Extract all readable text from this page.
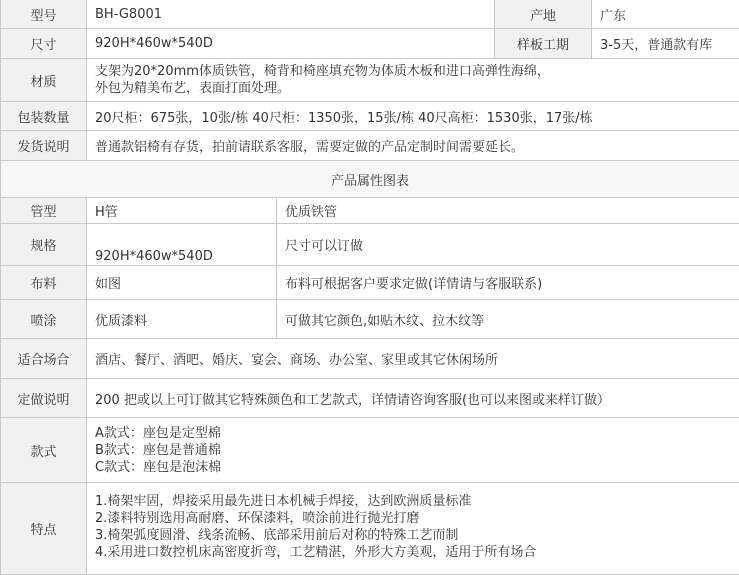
型号	BH-G8001		产地	广东
尺寸	920H*460w*540D		样板工期	3-5天，普通款有库
材质	支架为20*20mm体质铁管，椅背和椅座填充物为体质木板和进口高弹性海绵，
外包为精美布艺，表面打面处理。			

包装数量	20尺柜：675张，10张/栋 40尺柜：1350张，15张/栋 40尺高柜：1530张，17张/栋			
发货说明	普通款铝椅有存货，拍前请联系客服，需要定做的产品定制时间需要延长。			
产品属性图表				
管型	H管	优质铁管		
规格	920H*460w*540D	尺寸可以订做		
布料	如图	布料可根据客户要求定做(详情请与客服联系)		
喷涂	优质漆料	可做其它颜色,如贴木纹、拉木纹等		
适合场合	酒店、餐厅、酒吧、婚庆、宴会、商场、办公室、家里或其它休闲场所			
定做说明	200 把或以上可订做其它特殊颜色和工艺款式，详情请咨询客服(也可以来图或来样订做）			
款式	A款式：座包是定型棉
B款式：座包是普通棉
C款式：座包是泡沫棉			

特点	1.椅架牢固，焊接采用最先进日本机械手焊接，达到欧洲质量标准
2.漆料特别选用高耐磨、环保漆料，喷涂前进行抛光打磨
3.椅架弧度圆滑、线条流畅、底部采用前后对称的特殊工艺而制
4.采用进口数控机床高密度折弯，工艺精湛，外形大方美观，适用于所有场合			
